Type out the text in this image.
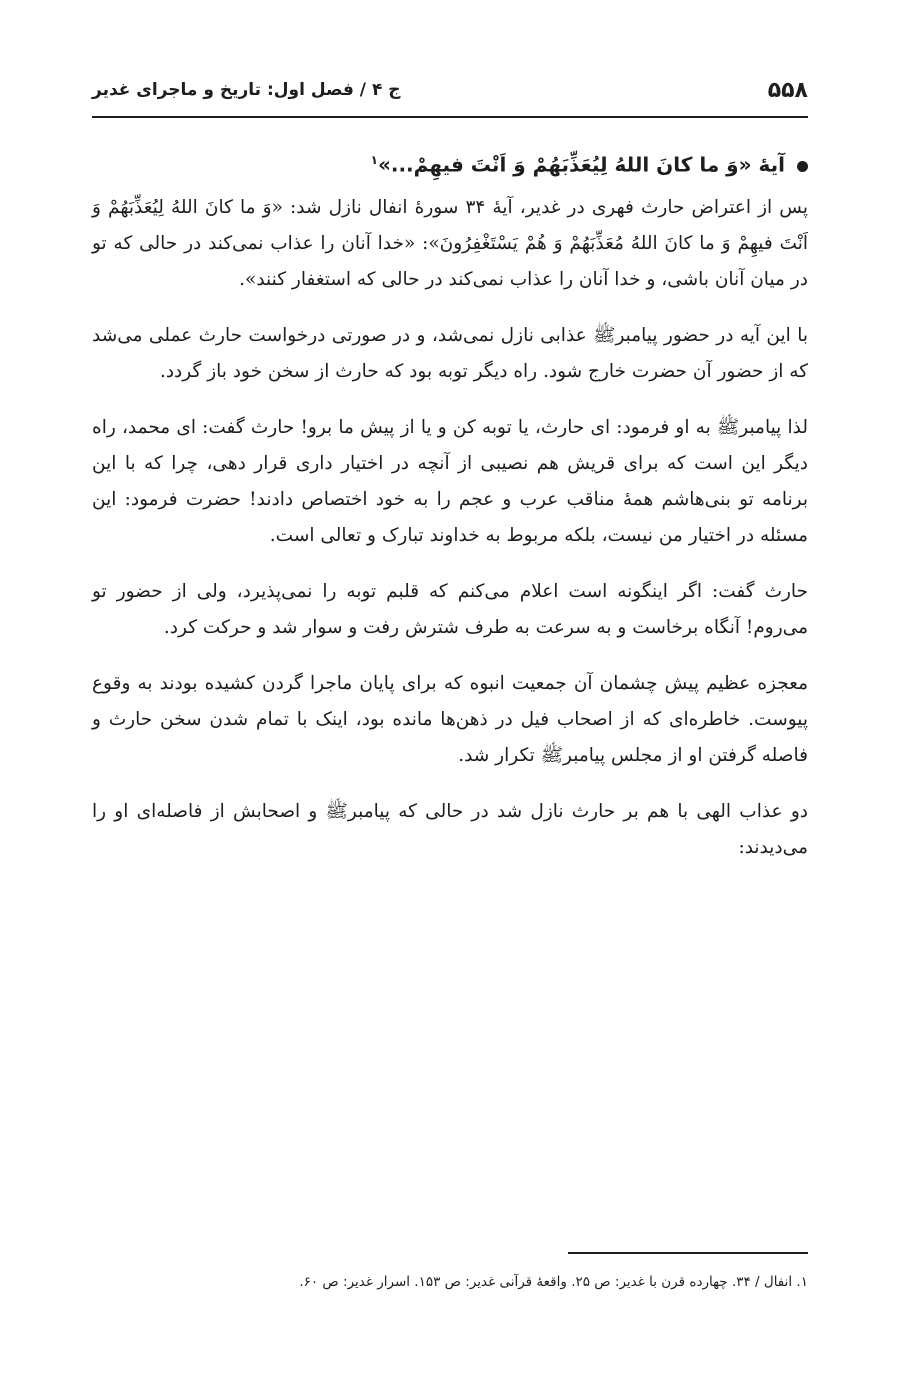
۵۵۸
ج ۴ / فصل اول: تاریخ و ماجرای غدیر
آیهٔ «وَ ما کانَ اللهُ لِیُعَذِّبَهُمْ وَ اَنْتَ فیهِمْ...»$^۱$

پس از اعتراض حارث فهری در غدیر، آیهٔ ۳۴ سورهٔ انفال نازل شد: «وَ ما کانَ اللهُ لِیُعَذِّبَهُمْ وَ اَنْتَ فیهِمْ وَ ما کانَ اللهُ مُعَذِّبَهُمْ وَ هُمْ یَسْتَغْفِرُونَ»: «خدا آنان را عذاب نمی‌کند در حالی که تو در میان آنان باشی، و خدا آنان را عذاب نمی‌کند در حالی که استغفار کنند».

با این آیه در حضور پیامبرﷺ عذابی نازل نمی‌شد، و در صورتی درخواست حارث عملی می‌شد که از حضور آن حضرت خارج شود. راه دیگر توبه بود که حارث از سخن خود باز گردد.

لذا پیامبرﷺ به او فرمود: ای حارث، یا توبه کن و یا از پیش ما برو! حارث گفت: ای محمد، راه دیگر این است که برای قریش هم نصیبی از آنچه در اختیار داری قرار دهی، چرا که با این برنامه تو بنی‌هاشم همهٔ مناقب عرب و عجم را به خود اختصاص دادند! حضرت فرمود: این مسئله در اختیار من نیست، بلکه مربوط به خداوند تبارک و تعالی است.

حارث گفت: اگر اینگونه است اعلام می‌کنم که قلبم توبه را نمی‌پذیرد، ولی از حضور تو می‌روم! آنگاه برخاست و به سرعت به طرف شترش رفت و سوار شد و حرکت کرد.

معجزه عظیم پیش چشمان آن جمعیت انبوه که برای پایان ماجرا گردن کشیده بودند به وقوع پیوست. خاطره‌ای که از اصحاب فیل در ذهن‌ها مانده بود، اینک با تمام شدن سخن حارث و فاصله گرفتن او از مجلس پیامبرﷺ تکرار شد.

دو عذاب الهی با هم بر حارث نازل شد در حالی که پیامبرﷺ و اصحابش از فاصله‌ای او را می‌دیدند:

۱. انفال / ۳۴. چهارده قرن با غدیر: ص ۲۵. واقعهٔ قرآنی غدیر: ص ۱۵۳. اسرار غدیر: ص ۶۰.
